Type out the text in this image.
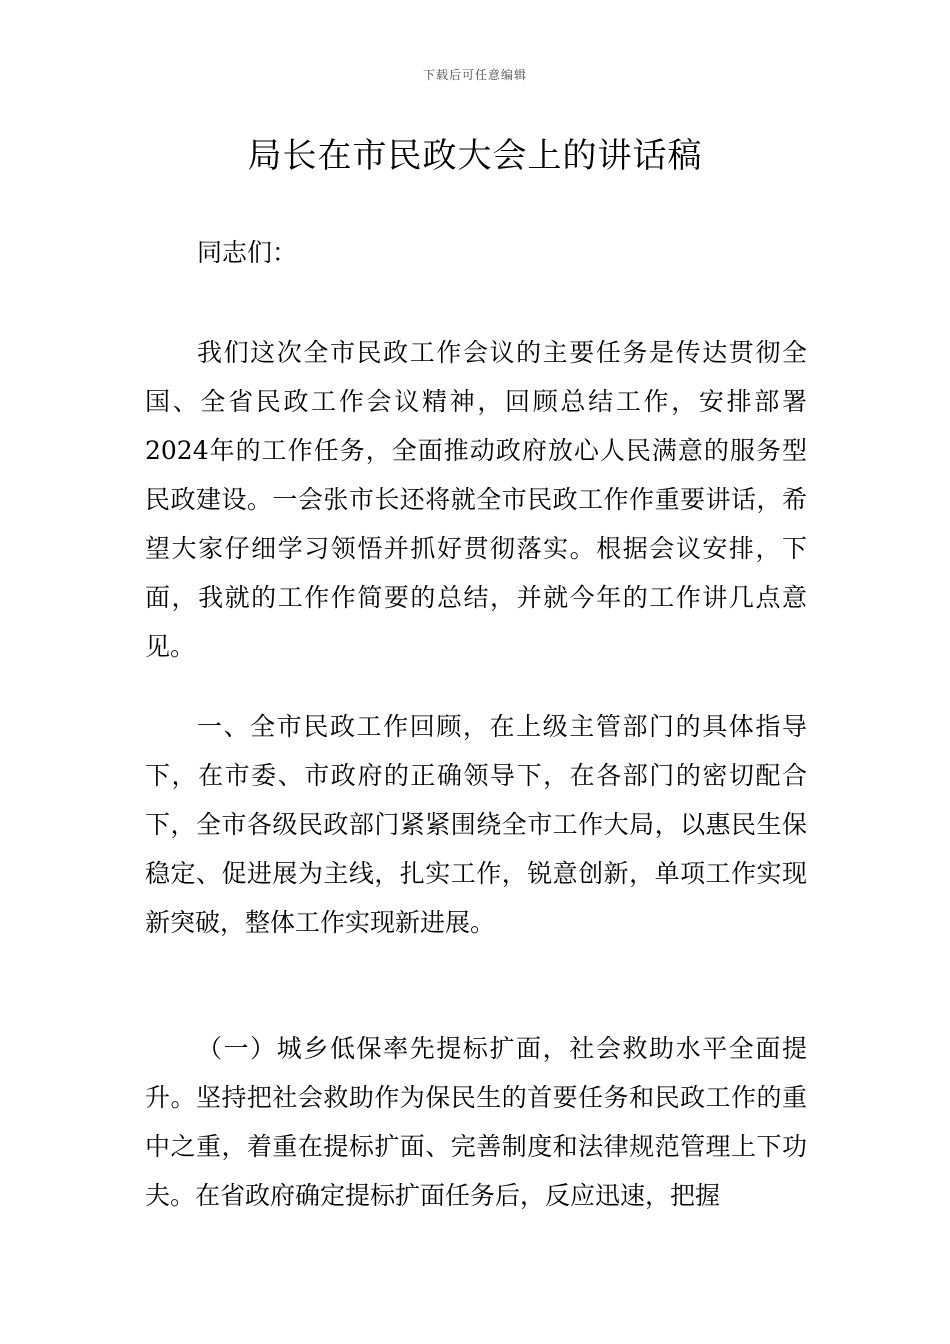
下载后可任意编辑
局长在市民政大会上的讲话稿

同志们：

我们这次全市民政工作会议的主要任务是传达贯彻全国、全省民政工作会议精神，回顾总结工作，安排部署2024年的工作任务，全面推动政府放心人民满意的服务型民政建设。一会张市长还将就全市民政工作作重要讲话，希望大家仔细学习领悟并抓好贯彻落实。根据会议安排，下面，我就的工作作简要的总结，并就今年的工作讲几点意见。

一、全市民政工作回顾，在上级主管部门的具体指导下，在市委、市政府的正确领导下，在各部门的密切配合下，全市各级民政部门紧紧围绕全市工作大局，以惠民生保稳定、促进展为主线，扎实工作，锐意创新，单项工作实现新突破，整体工作实现新进展。

（一）城乡低保率先提标扩面，社会救助水平全面提升。坚持把社会救助作为保民生的首要任务和民政工作的重中之重，着重在提标扩面、完善制度和法律规范管理上下功夫。在省政府确定提标扩面任务后，反应迅速，把握
